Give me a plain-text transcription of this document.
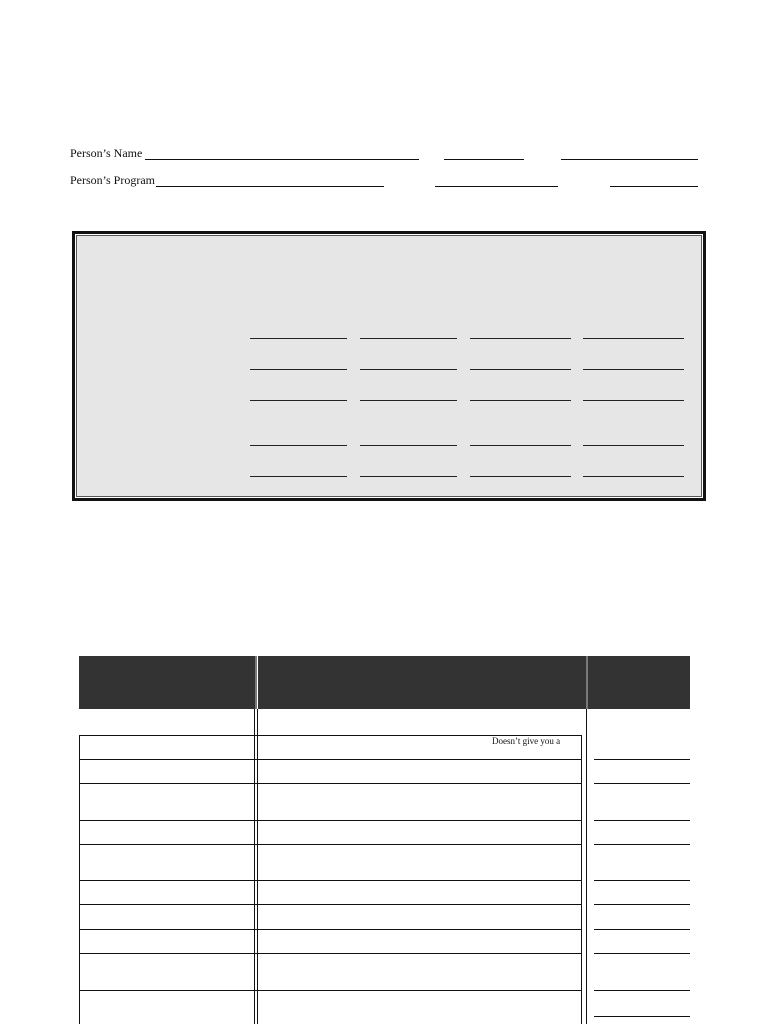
Person’s Name
Person’s Program
Doesn’t give you a
